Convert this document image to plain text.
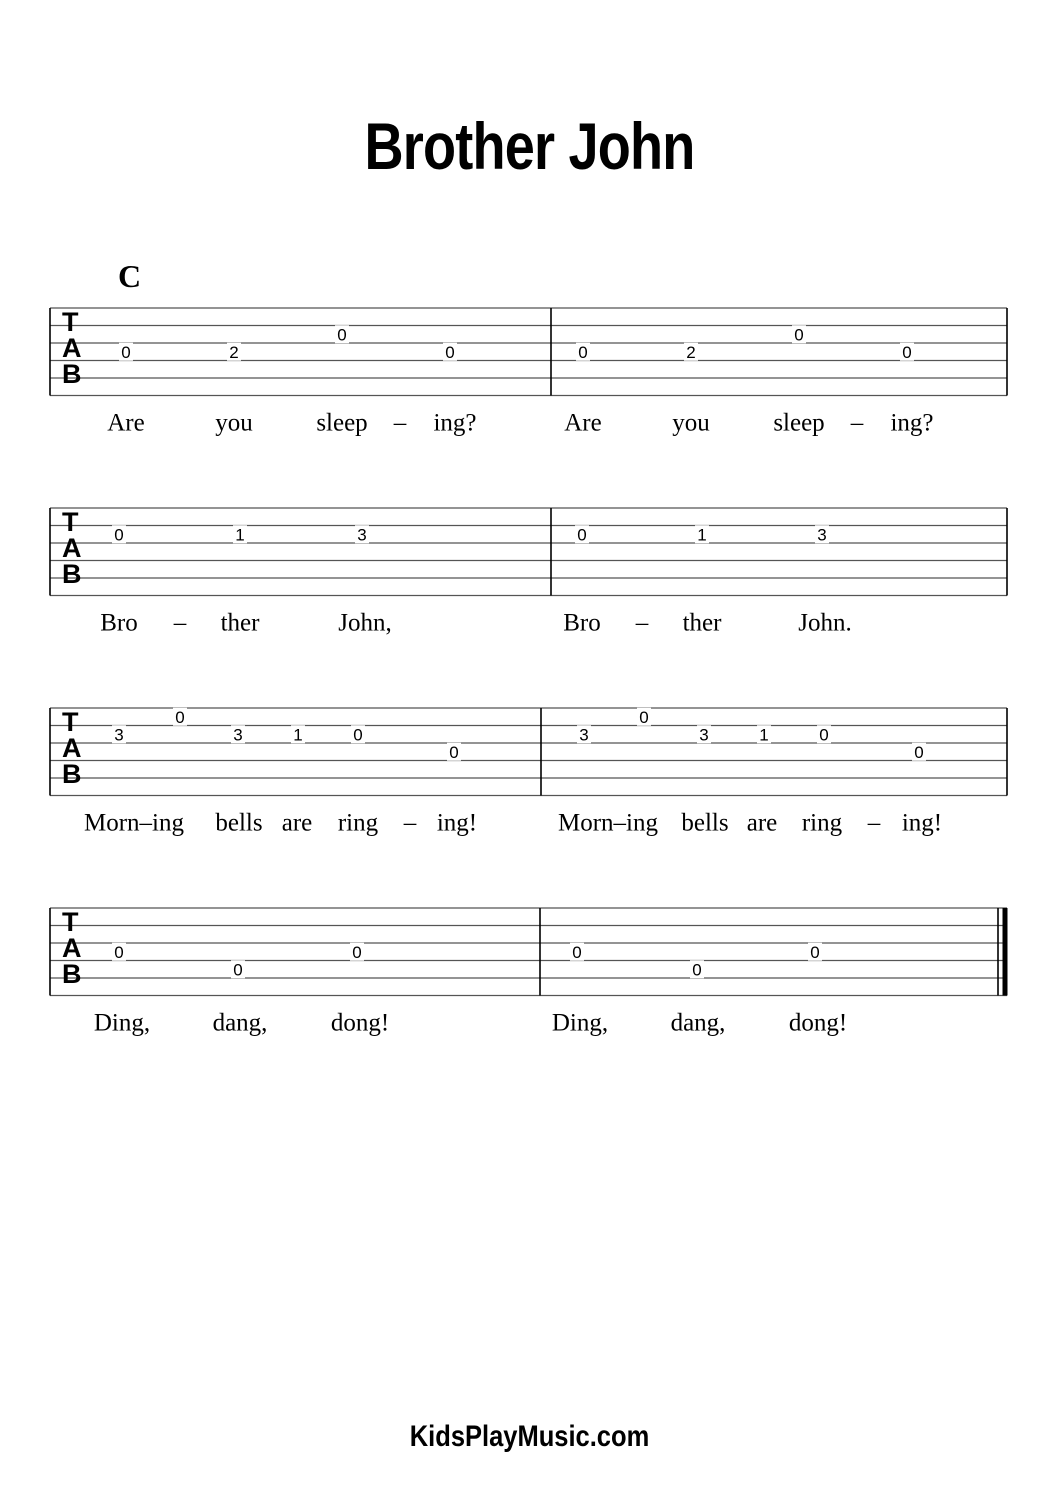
Brother John
C
T
A
B
0	2
0
0
Are	you	sleep – ing?
0	2
0
0
Are	you	sleep – ing?
T
A
B
0	1	3
Bro – ther	John,
0	1	3
Bro – ther	John.
T
A
B
3
0
3	1	0
0
Morn–ing bells are ring – ing!
3
0
3	1	0
0
Morn–ing bells are ring – ing!
T
A
B
0
0
0
Ding, dang,	dong!
0
0
0
Ding, dang,	dong!
KidsPlayMusic.com
